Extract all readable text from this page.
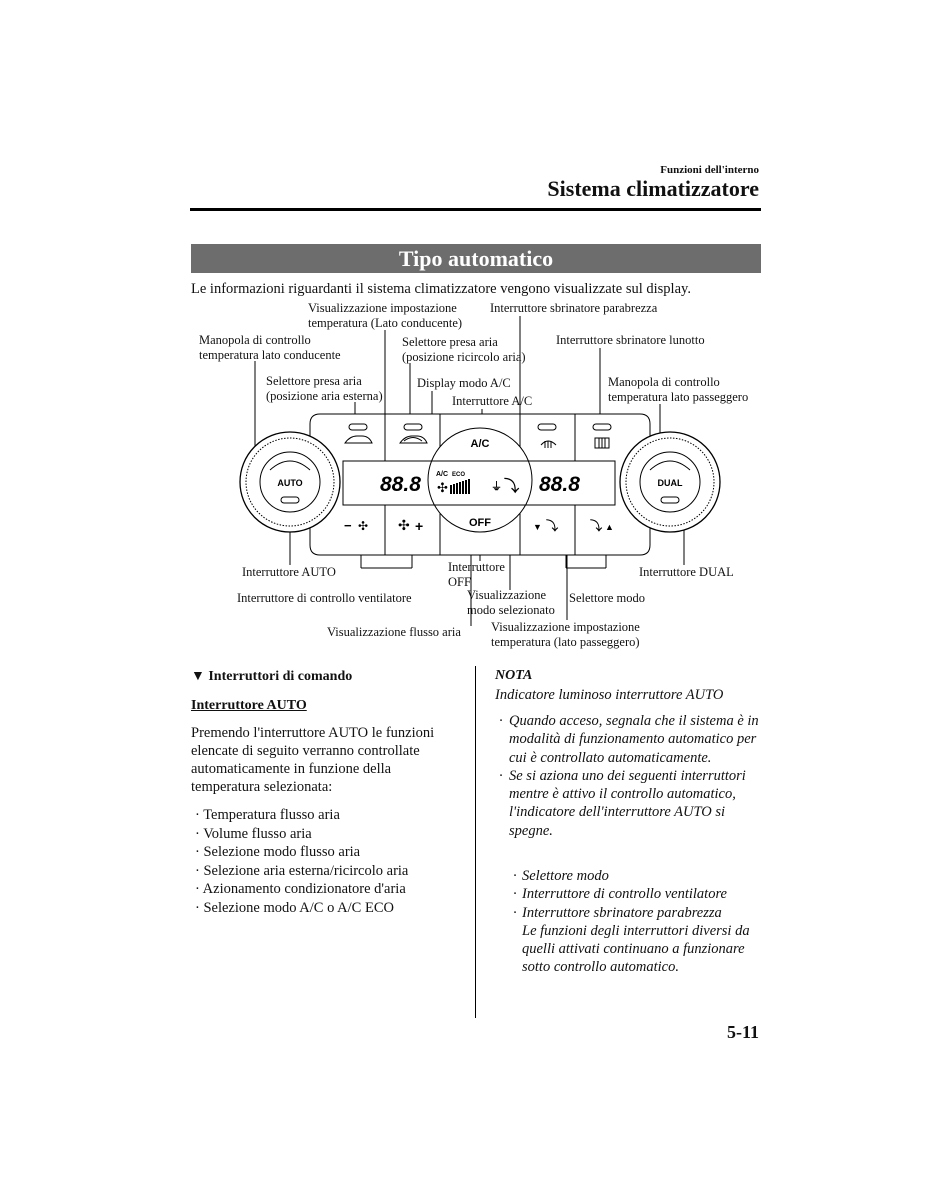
Funzioni dell'interno
Sistema climatizzatore
Tipo automatico
Le informazioni riguardanti il sistema climatizzatore vengono visualizzate sul display.
Visualizzazione impostazione
temperatura (Lato conducente)
Interruttore sbrinatore parabrezza
Manopola di controllo
temperatura lato conducente
Selettore presa aria
(posizione ricircolo aria)
Interruttore sbrinatore lunotto
Selettore presa aria
(posizione aria esterna)
Display modo A/C	Manopola di controllo
temperatura lato passeggero
Interruttore A/C
Interruttore AUTO	Interruttore
OFF
Interruttore DUAL
Interruttore di controllo ventilatore	Visualizzazione
modo selezionato
Selettore modo
Visualizzazione flusso aria Visualizzazione impostazione
temperatura (lato passeggero)
AUTO	DUAL
A/C
OFF
88.8	88.8
A/C ECO
− ✣ ✣ +
✣
▼ ⤵	⤵ ▲
⏚ ⤵
▼ Interruttori di comando
Interruttore AUTO
Premendo l'interruttore AUTO le funzioni elencate di seguito verranno controllate automaticamente in funzione della temperatura selezionata:
· Temperatura flusso aria
· Volume flusso aria
· Selezione modo flusso aria
· Selezione aria esterna/ricircolo aria
· Azionamento condizionatore d'aria
· Selezione modo A/C o A/C ECO
NOTA
Indicatore luminoso interruttore AUTO
· Quando acceso, segnala che il sistema è in modalità di funzionamento automatico per cui è controllato automaticamente.
· Se si aziona uno dei seguenti interruttori mentre è attivo il controllo automatico, l'indicatore dell'interruttore AUTO si spegne.
· Selettore modo
· Interruttore di controllo ventilatore
· Interruttore sbrinatore parabrezza
Le funzioni degli interruttori diversi da quelli attivati continuano a funzionare sotto controllo automatico.
5-11
